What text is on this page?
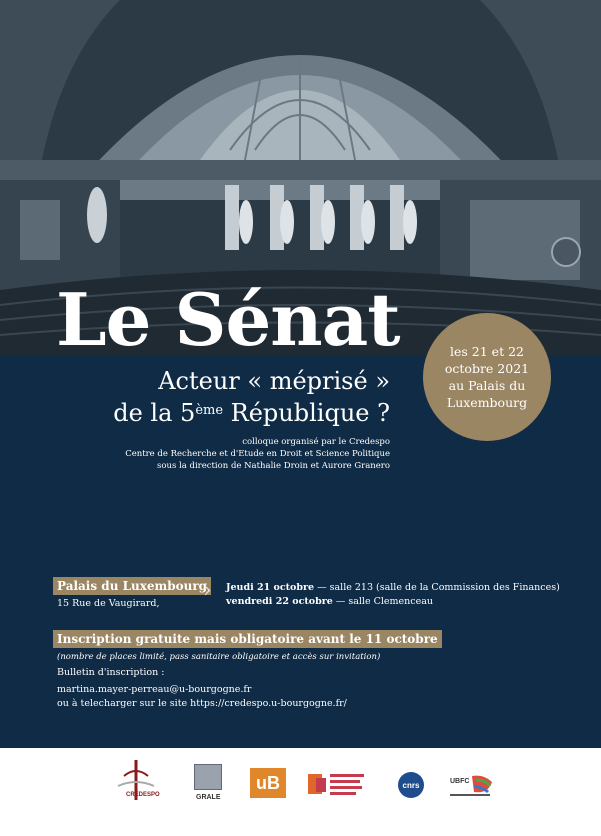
Le Sénat
Acteur « méprisé »
de la 5ème République ?
colloque organisé par le Credespo
Centre de Recherche et d'Etude en Droit et Science Politique
sous la direction de Nathalie Droin et Aurore Granero
les 21 et 22
octobre 2021
au Palais du
Luxembourg
Palais du Luxembourg
15 Rue de Vaugirard,
› Jeudi 21 octobre — salle 213 (salle de la Commission des Finances)
vendredi 22 octobre — salle Clemenceau
Inscription gratuite mais obligatoire avant le 11 octobre
(nombre de places limité, pass sanitaire obligatoire et accès sur invitation)
Bulletin d'inscription :
martina.mayer-perreau@u-bourgogne.fr
ou à telecharger sur le site https://credespo.u-bourgogne.fr/
CREDESPO	GRALE
uB	cnrs	UBFC
